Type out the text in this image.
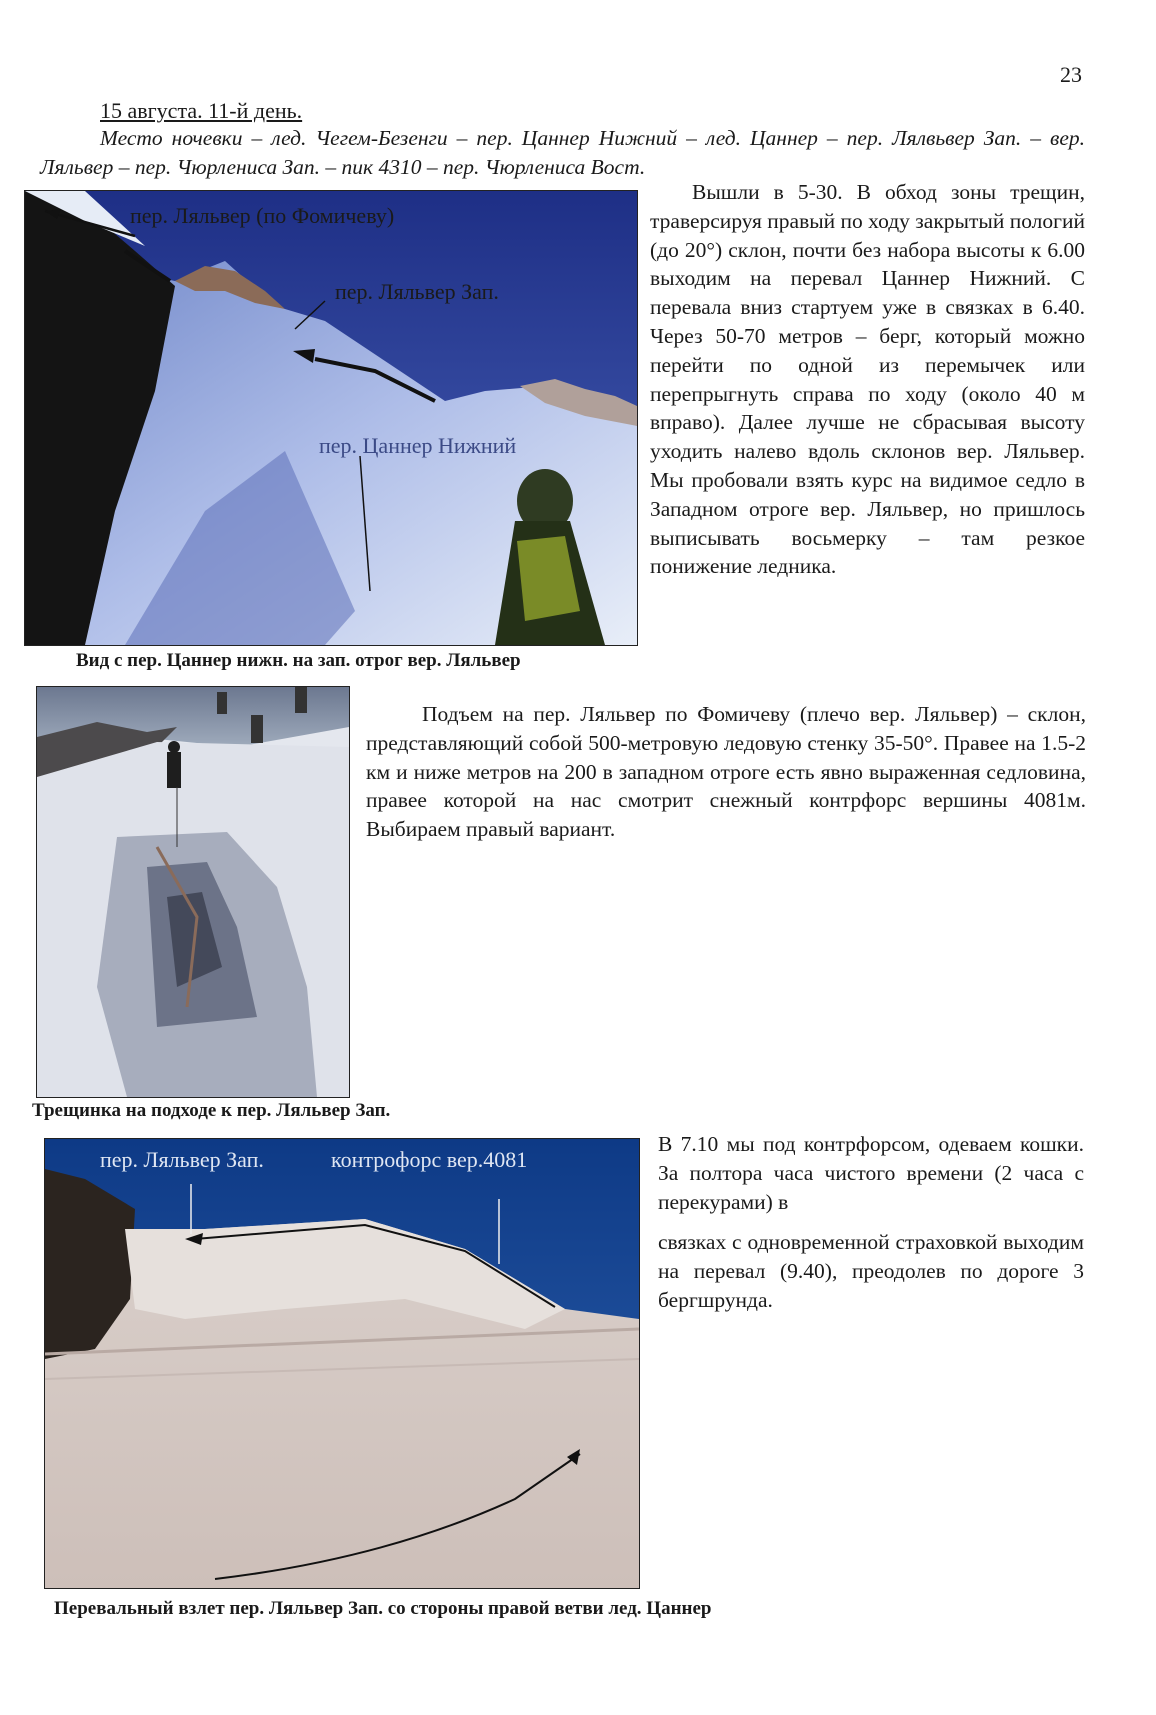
23
15 августа. 11-й день.
Место ночевки – лед. Чегем-Безенги – пер. Цаннер Нижний – лед. Цаннер – пер. Лялвьвер Зап. – вер. Ляльвер – пер. Чюрлениса Зап. – пик 4310 – пер. Чюрлениса Вост.
пер. Ляльвер (по Фомичеву)
пер. Ляльвер Зап.
пер. Цаннер Нижний
Вид с пер. Цаннер нижн. на зап. отрог вер. Ляльвер
Вышли в 5-30. В обход зоны трещин, траверсируя правый по ходу закрытый пологий (до 20°) склон, почти без набора высоты к 6.00 выходим на перевал Цаннер Нижний. С перевала вниз стартуем уже в связках в 6.40. Через 50-70 метров – берг, который можно перейти по одной из перемычек или перепрыгнуть справа по ходу (около 40 м вправо). Далее лучше не сбрасывая высоту уходить налево вдоль склонов вер. Ляльвер. Мы пробовали взять курс на видимое седло в Западном отроге вер. Ляльвер, но пришлось выписывать восьмерку – там резкое понижение ледника.
Трещинка на подходе к пер. Ляльвер Зап.
Подъем на пер. Ляльвер по Фомичеву (плечо вер. Ляльвер) – склон, представляющий собой 500-метровую ледовую стенку 35-50°. Правее на 1.5-2 км и ниже метров на 200 в западном отроге есть явно выраженная седловина, правее которой на нас смотрит снежный контрфорс вершины 4081м. Выбираем правый вариант.
пер. Ляльвер Зап.	контрофорс вер.4081
Перевальный взлет пер. Ляльвер Зап. со стороны правой ветви лед. Цаннер
В 7.10 мы под контрфорсом, одеваем кошки. За полтора часа чистого времени (2 часа с перекурами) в
связках с одновременной страховкой выходим на перевал (9.40), преодолев по дороге 3 бергшрунда.
